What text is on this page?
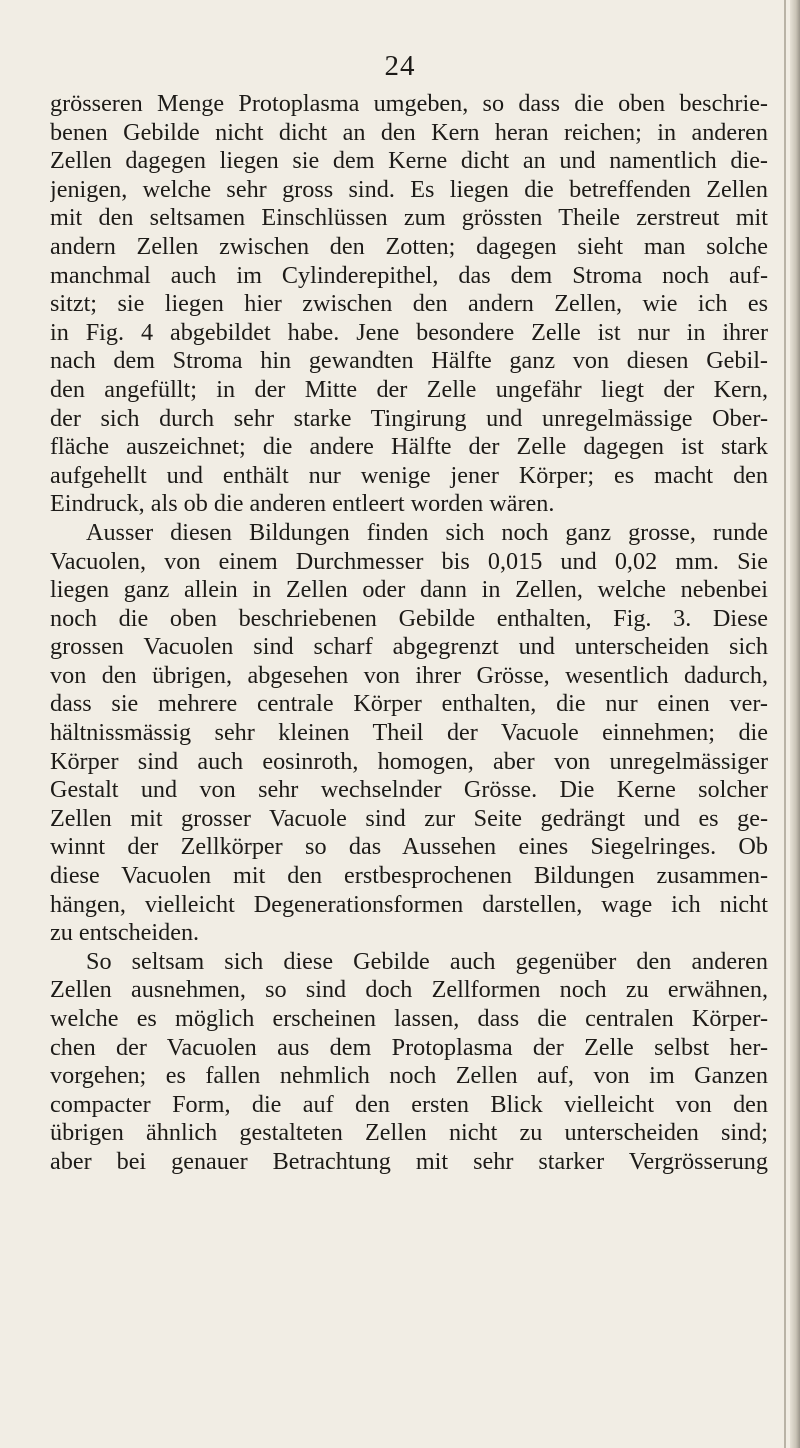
24
grösseren Menge Protoplasma umgeben, so dass die oben beschrie-
benen Gebilde nicht dicht an den Kern heran reichen; in anderen
Zellen dagegen liegen sie dem Kerne dicht an und namentlich die-
jenigen, welche sehr gross sind. Es liegen die betreffenden Zellen
mit den seltsamen Einschlüssen zum grössten Theile zerstreut mit
andern Zellen zwischen den Zotten; dagegen sieht man solche
manchmal auch im Cylinderepithel, das dem Stroma noch auf-
sitzt; sie liegen hier zwischen den andern Zellen, wie ich es
in Fig. 4 abgebildet habe. Jene besondere Zelle ist nur in ihrer
nach dem Stroma hin gewandten Hälfte ganz von diesen Gebil-
den angefüllt; in der Mitte der Zelle ungefähr liegt der Kern,
der sich durch sehr starke Tingirung und unregelmässige Ober-
fläche auszeichnet; die andere Hälfte der Zelle dagegen ist stark
aufgehellt und enthält nur wenige jener Körper; es macht den
Eindruck, als ob die anderen entleert worden wären.
Ausser diesen Bildungen finden sich noch ganz grosse, runde
Vacuolen, von einem Durchmesser bis 0,015 und 0,02 mm. Sie
liegen ganz allein in Zellen oder dann in Zellen, welche nebenbei
noch die oben beschriebenen Gebilde enthalten, Fig. 3. Diese
grossen Vacuolen sind scharf abgegrenzt und unterscheiden sich
von den übrigen, abgesehen von ihrer Grösse, wesentlich dadurch,
dass sie mehrere centrale Körper enthalten, die nur einen ver-
hältnissmässig sehr kleinen Theil der Vacuole einnehmen; die
Körper sind auch eosinroth, homogen, aber von unregelmässiger
Gestalt und von sehr wechselnder Grösse. Die Kerne solcher
Zellen mit grosser Vacuole sind zur Seite gedrängt und es ge-
winnt der Zellkörper so das Aussehen eines Siegelringes. Ob
diese Vacuolen mit den erstbesprochenen Bildungen zusammen-
hängen, vielleicht Degenerationsformen darstellen, wage ich nicht
zu entscheiden.
So seltsam sich diese Gebilde auch gegenüber den anderen
Zellen ausnehmen, so sind doch Zellformen noch zu erwähnen,
welche es möglich erscheinen lassen, dass die centralen Körper-
chen der Vacuolen aus dem Protoplasma der Zelle selbst her-
vorgehen; es fallen nehmlich noch Zellen auf, von im Ganzen
compacter Form, die auf den ersten Blick vielleicht von den
übrigen ähnlich gestalteten Zellen nicht zu unterscheiden sind;
aber bei genauer Betrachtung mit sehr starker Vergrösserung
